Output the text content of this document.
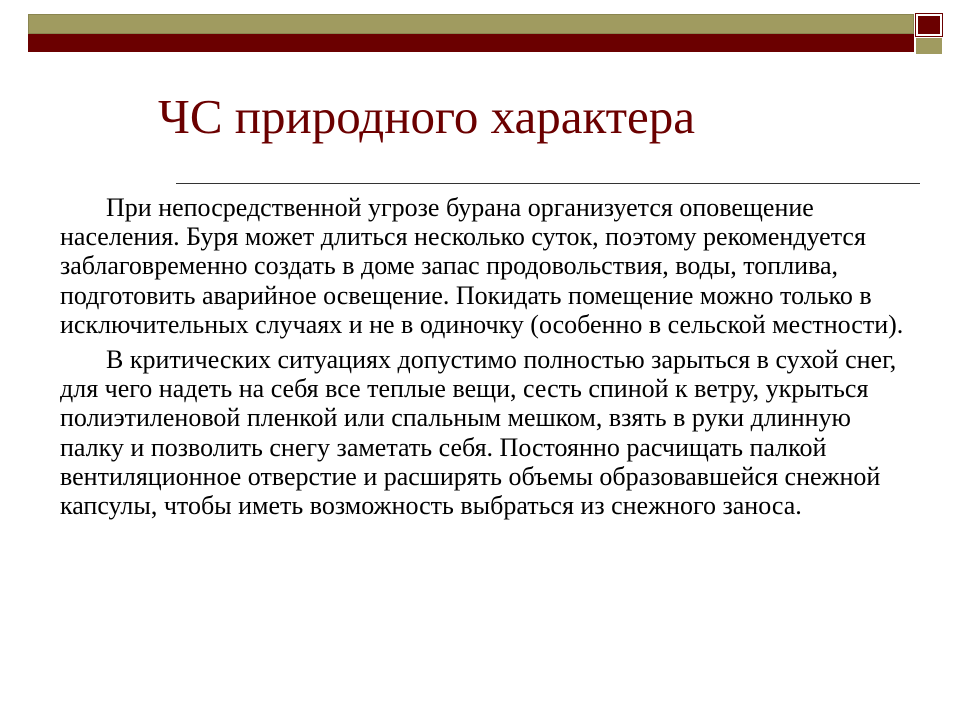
ЧС природного характера

При непосредственной угрозе бурана организуется оповещение населения. Буря может длиться несколько суток, поэтому рекомендуется заблаговременно создать в доме запас продовольствия, воды, топлива, подготовить аварийное освещение. Покидать помещение можно только в исключительных случаях и не в одиночку (особенно в сельской местности).

В критических ситуациях допустимо полностью зарыться в сухой снег, для чего надеть на себя все теплые вещи, сесть спиной к ветру, укрыться полиэтиленовой пленкой или спальным мешком, взять в руки длинную палку и позволить снегу заметать себя. Постоянно расчищать палкой вентиляционное отверстие и расширять объемы образовавшейся снежной капсулы, чтобы иметь возможность выбраться из снежного заноса.
